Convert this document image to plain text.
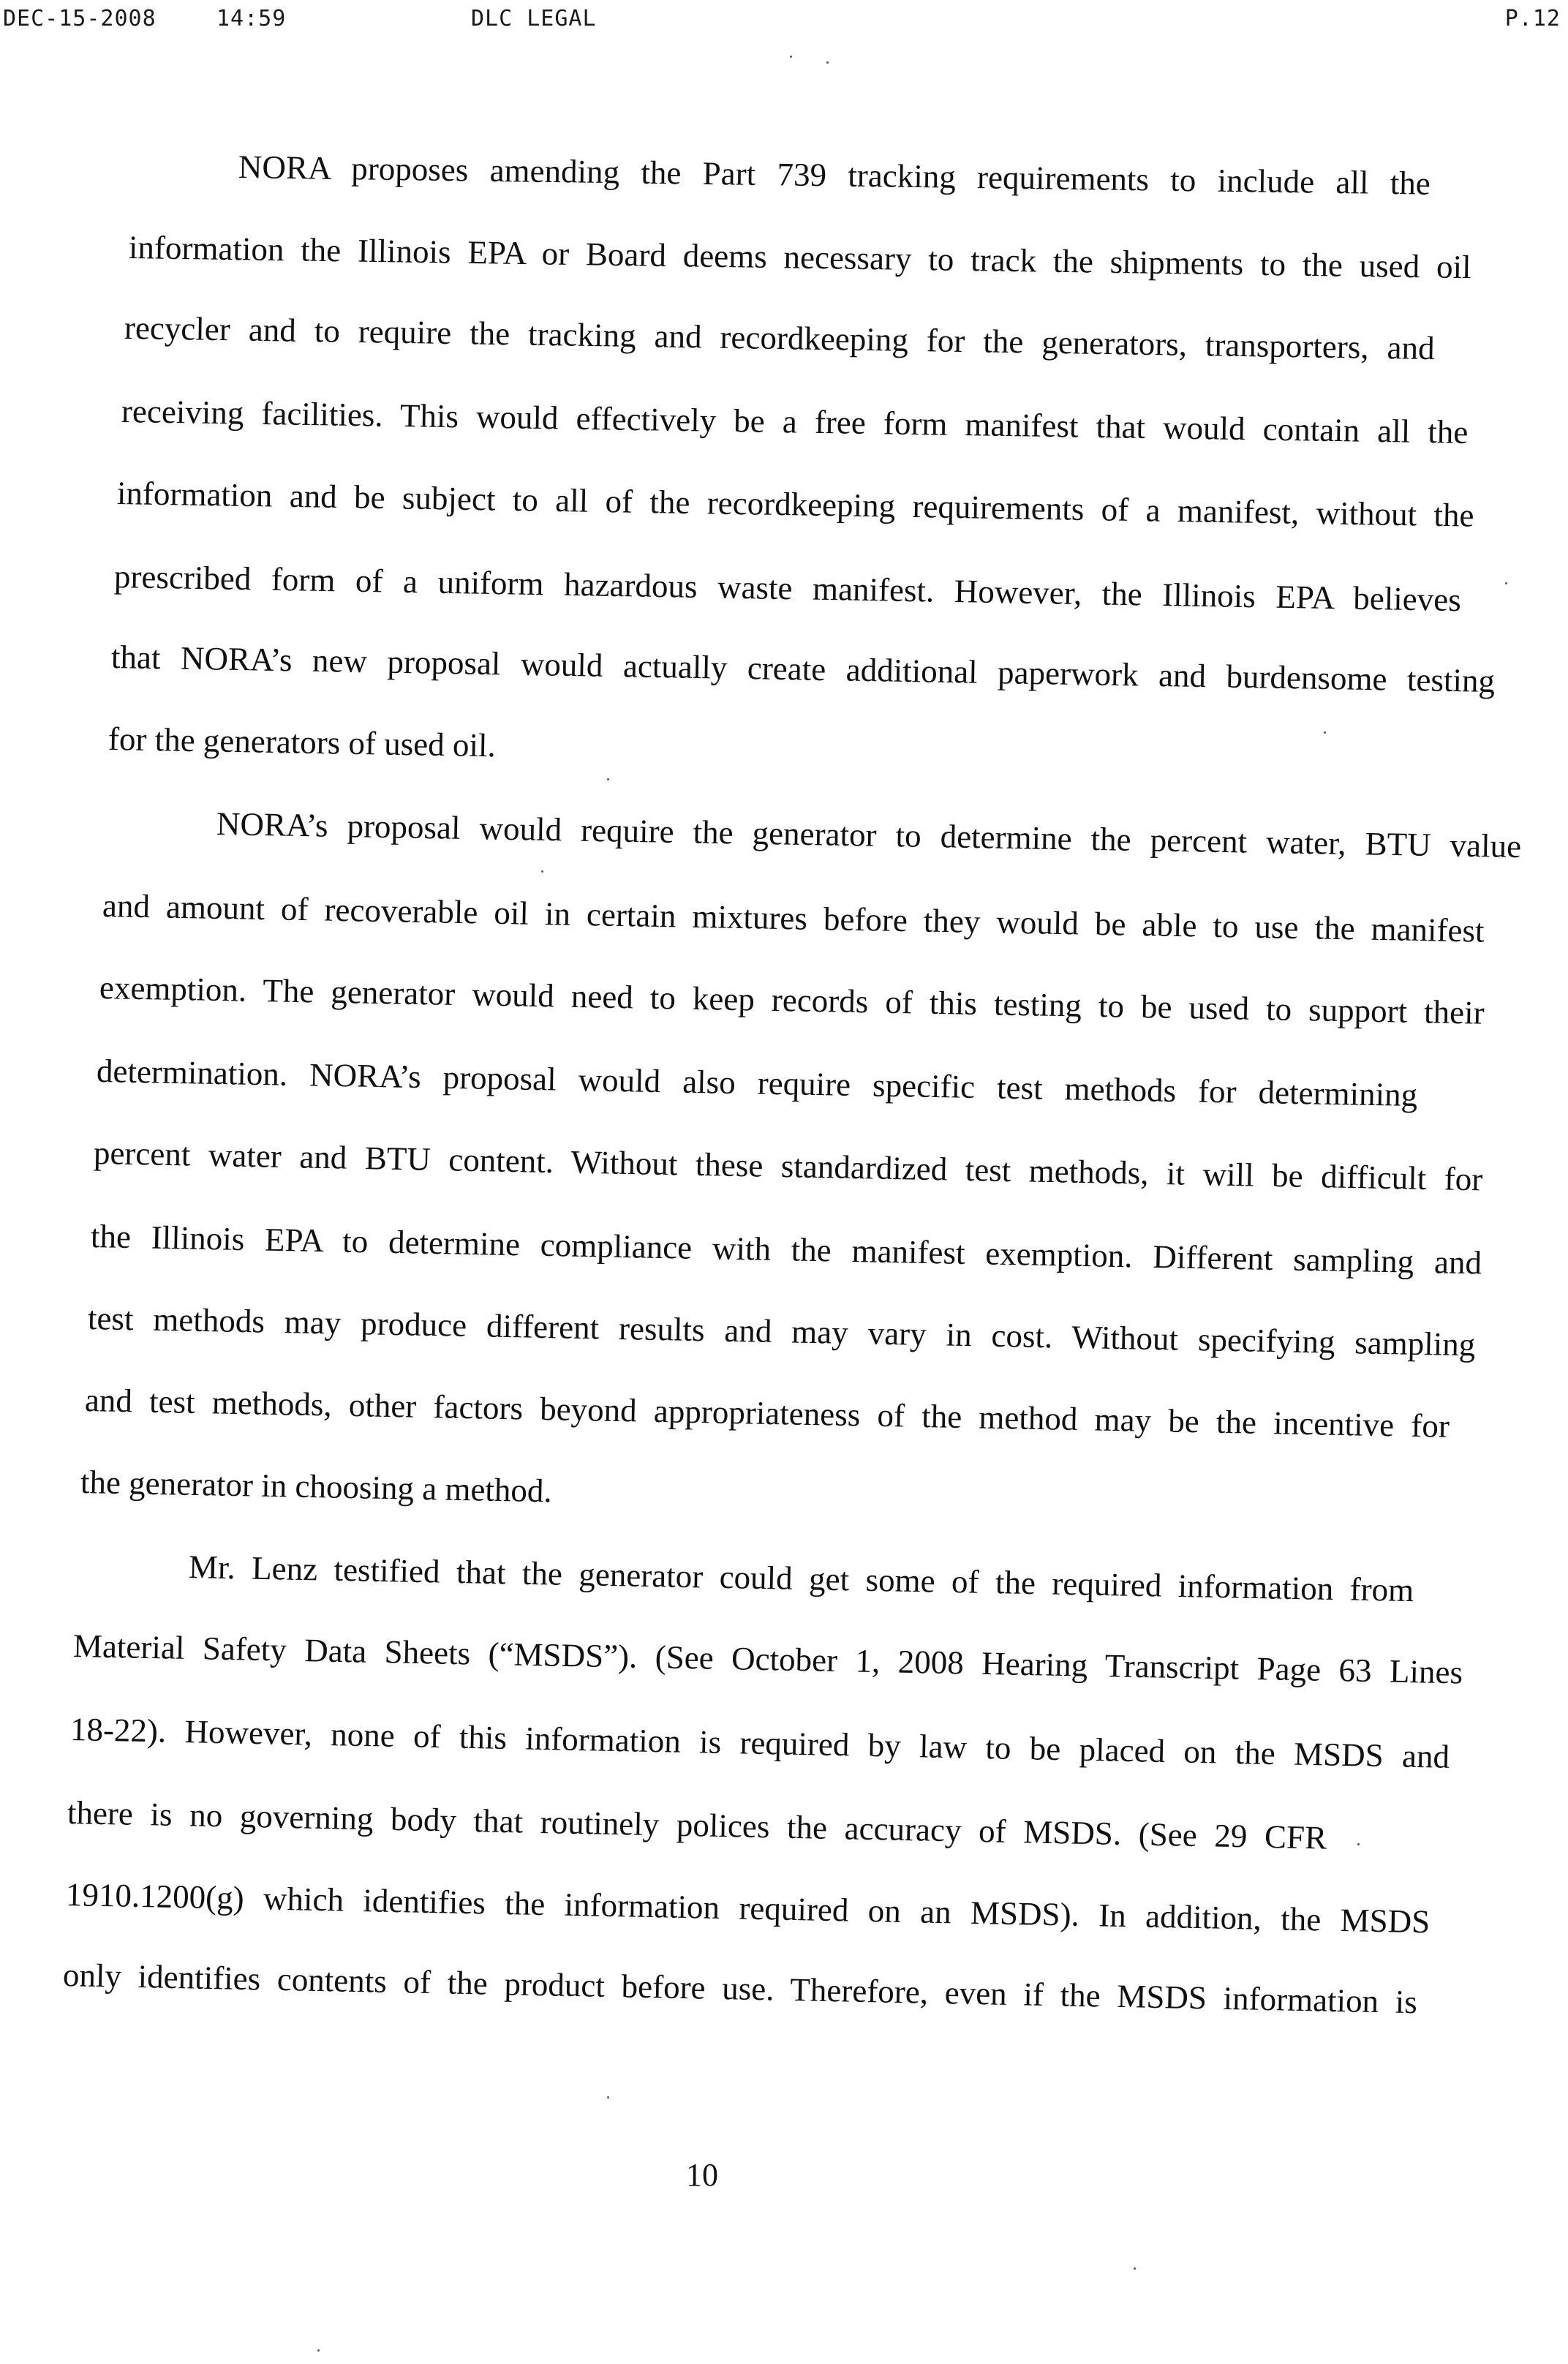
DEC-15-2008	14:59	DLC LEGAL	P.12
NORA proposes amending the Part 739 tracking requirements to include all the
information the Illinois EPA or Board deems necessary to track the shipments to the used oil
recycler and to require the tracking and recordkeeping for the generators, transporters, and
receiving facilities. This would effectively be a free form manifest that would contain all the
information and be subject to all of the recordkeeping requirements of a manifest, without the
prescribed form of a uniform hazardous waste manifest. However, the Illinois EPA believes
that NORA’s new proposal would actually create additional paperwork and burdensome testing
for the generators of used oil.
NORA’s proposal would require the generator to determine the percent water, BTU value
and amount of recoverable oil in certain mixtures before they would be able to use the manifest
exemption. The generator would need to keep records of this testing to be used to support their
determination. NORA’s proposal would also require specific test methods for determining
percent water and BTU content. Without these standardized test methods, it will be difficult for
the Illinois EPA to determine compliance with the manifest exemption. Different sampling and
test methods may produce different results and may vary in cost. Without specifying sampling
and test methods, other factors beyond appropriateness of the method may be the incentive for
the generator in choosing a method.
Mr. Lenz testified that the generator could get some of the required information from
Material Safety Data Sheets (“MSDS”). (See October 1, 2008 Hearing Transcript Page 63 Lines
18-22). However, none of this information is required by law to be placed on the MSDS and
there is no governing body that routinely polices the accuracy of MSDS. (See 29 CFR
1910.1200(g) which identifies the information required on an MSDS). In addition, the MSDS
only identifies contents of the product before use. Therefore, even if the MSDS information is
10
